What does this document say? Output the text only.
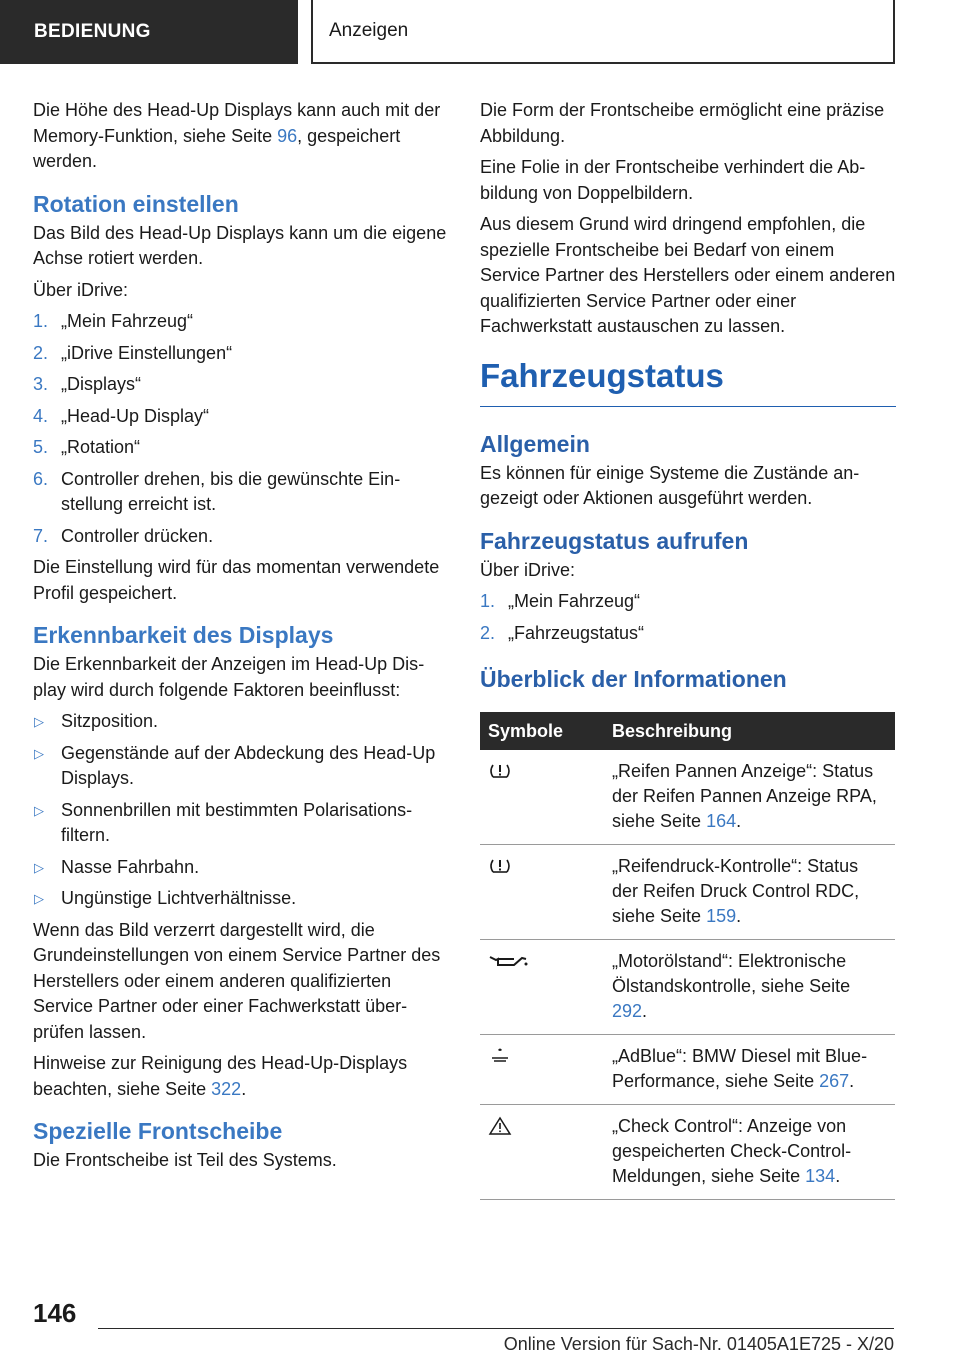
BEDIENUNG	Anzeigen

Die Höhe des Head-Up Displays kann auch mit der Memory-Funktion, siehe Seite 96, gespeichert werden.

Rotation einstellen

Das Bild des Head-Up Displays kann um die eigene Achse rotiert werden.

Über iDrive:

1. „Mein Fahrzeug“
2. „iDrive Einstellungen“
3. „Displays“
4. „Head-Up Display“
5. „Rotation“
6. Controller drehen, bis die gewünschte Einstellung erreicht ist.
7. Controller drücken.

Die Einstellung wird für das momentan verwendete Profil gespeichert.

Erkennbarkeit des Displays

Die Erkennbarkeit der Anzeigen im Head-Up Display wird durch folgende Faktoren beeinflusst:

▷ Sitzposition.
▷ Gegenstände auf der Abdeckung des Head-Up Displays.
▷ Sonnenbrillen mit bestimmten Polarisationsfiltern.
▷ Nasse Fahrbahn.
▷ Ungünstige Lichtverhältnisse.

Wenn das Bild verzerrt dargestellt wird, die Grundeinstellungen von einem Service Partner des Herstellers oder einem anderen qualifizierten Service Partner oder einer Fachwerkstatt überprüfen lassen.

Hinweise zur Reinigung des Head-Up-Displays beachten, siehe Seite 322.

Spezielle Frontscheibe

Die Frontscheibe ist Teil des Systems.

Die Form der Frontscheibe ermöglicht eine präzise Abbildung.

Eine Folie in der Frontscheibe verhindert die Abbildung von Doppelbildern.

Aus diesem Grund wird dringend empfohlen, die spezielle Frontscheibe bei Bedarf von einem Service Partner des Herstellers oder einem anderen qualifizierten Service Partner oder einer Fachwerkstatt austauschen zu lassen.

Fahrzeugstatus
Allgemein

Es können für einige Systeme die Zustände angezeigt oder Aktionen ausgeführt werden.

Fahrzeugstatus aufrufen

Über iDrive:

1. „Mein Fahrzeug“
2. „Fahrzeugstatus“
Überblick der Informationen
Symbole	Beschreibung
	„Reifen Pannen Anzeige“: Status der Reifen Pannen Anzeige RPA, siehe Seite 164.
	„Reifendruck-Kontrolle“: Status der Reifen Druck Control RDC, siehe Seite 159.
	„Motorölstand“: Elektronische Ölstandskontrolle, siehe Seite 292.
	„AdBlue“: BMW Diesel mit BluePerformance, siehe Seite 267.
	„Check Control“: Anzeige von gespeicherten Check-Control-Meldungen, siehe Seite 134.
146
Online Version für Sach-Nr. 01405A1E725 - X/20
